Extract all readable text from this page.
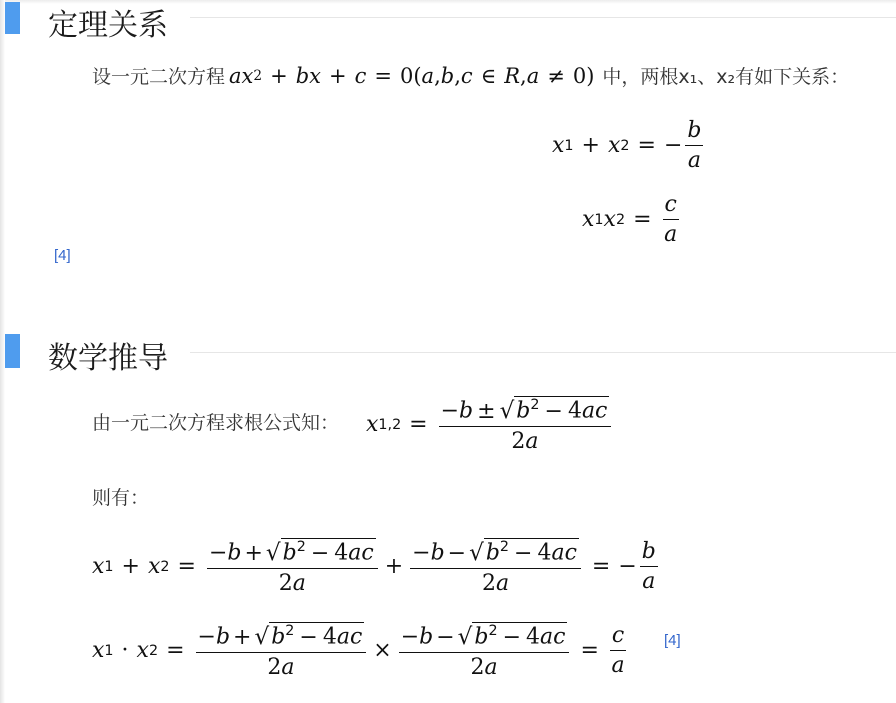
定理关系
设一元二次方程 ax 2 + bx + c = 0( a , b , c ∈ R , a ≠ 0) 中，两根x₁、x₂有如下关系：
x 1 + x 2 = − $\frac{b}{a}$
x 1 x $2 = \frac{c}{a}$
[4]
数学推导
由一元二次方程求根公式知： x $1,2 = \frac{-b \pm √ b^2 - 4ac}{2a}$
则有：
x 1 + x $2 = \frac{-b + √ b^2 - 4ac}{2a} + \frac{-b - √ b^2 - 4ac}{2a}$ = − $\frac{b}{a}$
x 1 · x $2 = \frac{-b + √ b^2 - 4ac}{2a} \times \frac{-b - √ b^2 - 4ac}{2a} = \frac{c}{a}$	[4]
